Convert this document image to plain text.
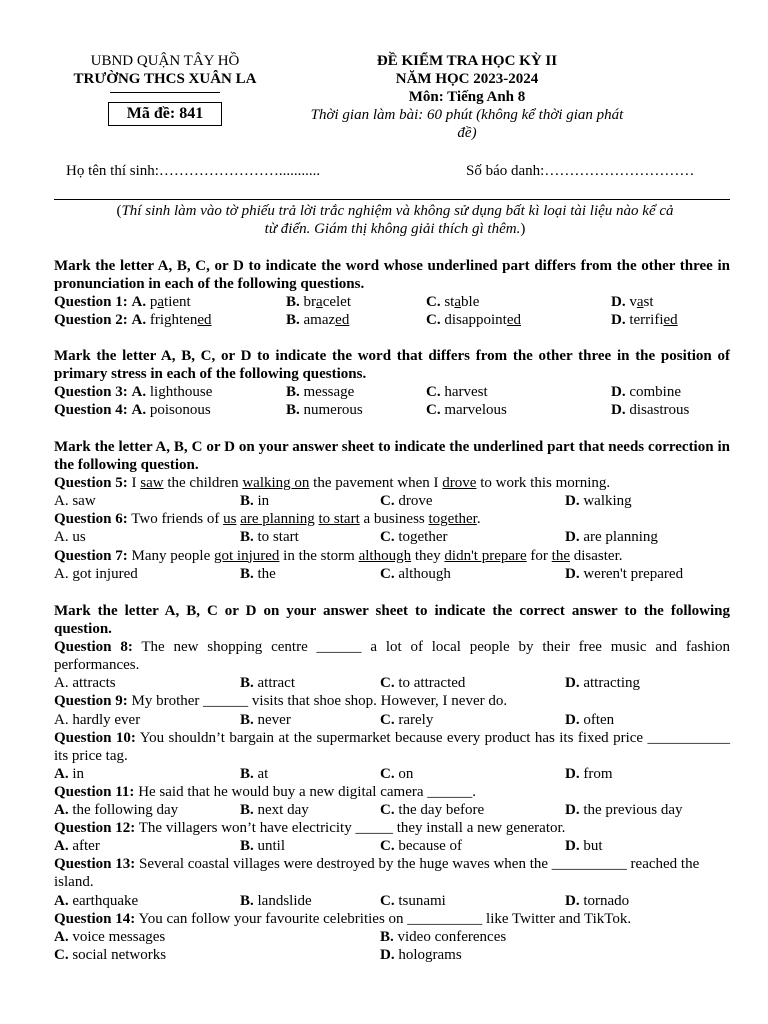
UBND QUẬN TÂY HỒ
TRƯỜNG THCS XUÂN LA
Mã đề: 841
ĐỀ KIỂM TRA HỌC KỲ II
NĂM HỌC 2023-2024
Môn: Tiếng Anh 8
Thời gian làm bài: 60 phút (không kể thời gian phát
đề)
Họ tên thí sinh:……………………...........	Số báo danh:…………………………
(Thí sinh làm vào tờ phiếu trả lời trắc nghiệm và không sử dụng bất kì loại tài liệu nào kể cả
từ điển. Giám thị không giải thích gì thêm.)
Mark the letter A, B, C, or D to indicate the word whose underlined part differs from the other three in pronunciation in each of the following questions.
Question 1: A. patient	B. bracelet	C. stable	D. vast
Question 2: A. frightened	B. amazed	C. disappointed	D. terrified
Mark the letter A, B, C, or D to indicate the word that differs from the other three in the position of primary stress in each of the following questions.
Question 3: A. lighthouse	B. message	C. harvest	D. combine
Question 4: A. poisonous	B. numerous	C. marvelous	D. disastrous
Mark the letter A, B, C or D on your answer sheet to indicate the underlined part that needs correction in the following question.
Question 5: I saw the children walking on the pavement when I drove to work this morning.
A. saw	B. in	C. drove	D. walking
Question 6: Two friends of us are planning to start a business together.
A. us	B. to start	C. together	D. are planning
Question 7: Many people got injured in the storm although they didn't prepare for the disaster.
A. got injured	B. the	C. although	D. weren't prepared
Mark the letter A, B, C or D on your answer sheet to indicate the correct answer to the following question.
Question 8: The new shopping centre ______ a lot of local people by their free music and fashion performances.
A. attracts	B. attract	C. to attracted	D. attracting
Question 9: My brother ______ visits that shoe shop. However, I never do.
A. hardly ever	B. never	C. rarely	D. often
Question 10: You shouldn’t bargain at the supermarket because every product has its fixed price ___________ its price tag.
A. in	B. at	C. on	D. from
Question 11: He said that he would buy a new digital camera ______.
A. the following day	B. next day	C. the day before	D. the previous day
Question 12: The villagers won’t have electricity _____ they install a new generator.
A. after	B. until	C. because of	D. but
Question 13: Several coastal villages were destroyed by the huge waves when the __________ reached the island.
A. earthquake	B. landslide	C. tsunami	D. tornado
Question 14: You can follow your favourite celebrities on __________ like Twitter and TikTok.
A. voice messages	B. video conferences
C. social networks	D. holograms
